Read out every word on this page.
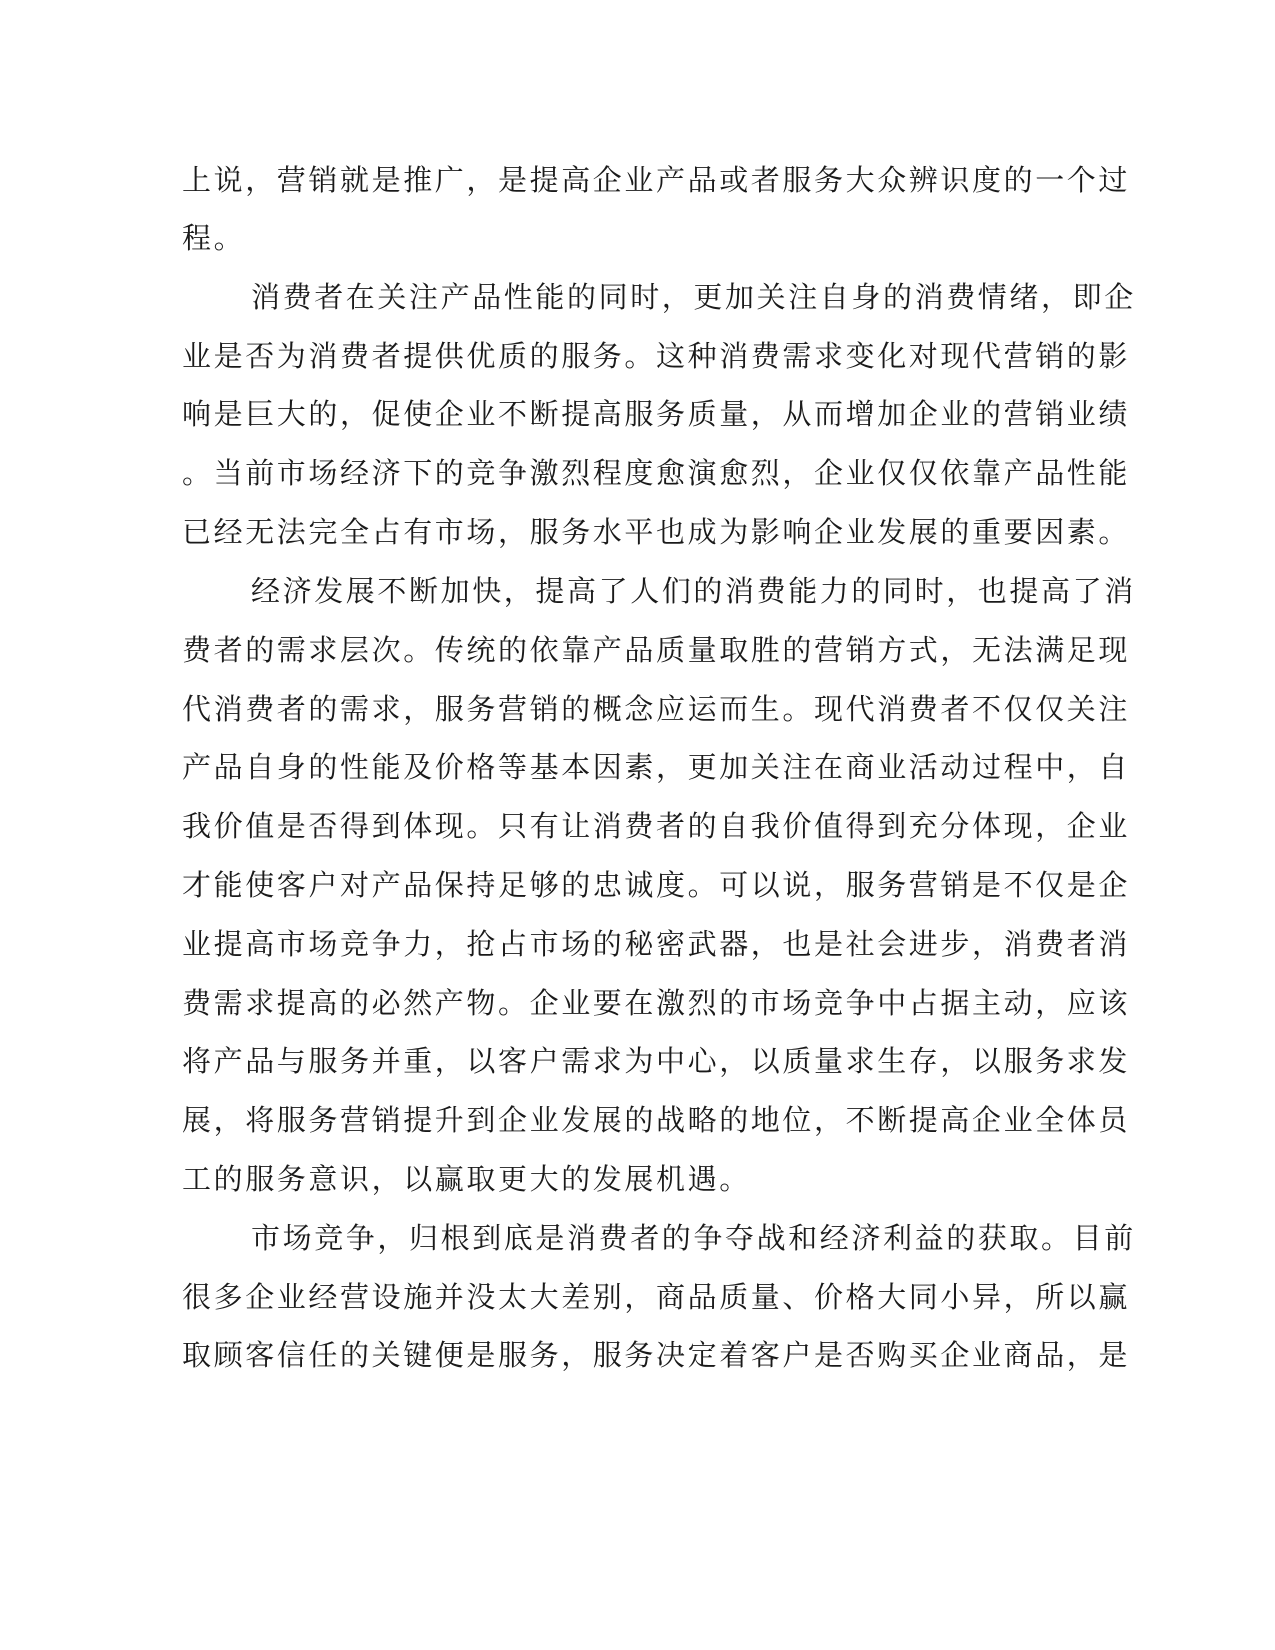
上说，营销就是推广，是提高企业产品或者服务大众辨识度的一个过

程。

消费者在关注产品性能的同时，更加关注自身的消费情绪，即企

业是否为消费者提供优质的服务。这种消费需求变化对现代营销的影

响是巨大的，促使企业不断提高服务质量，从而增加企业的营销业绩

。当前市场经济下的竞争激烈程度愈演愈烈，企业仅仅依靠产品性能

已经无法完全占有市场，服务水平也成为影响企业发展的重要因素。

经济发展不断加快，提高了人们的消费能力的同时，也提高了消

费者的需求层次。传统的依靠产品质量取胜的营销方式，无法满足现

代消费者的需求，服务营销的概念应运而生。现代消费者不仅仅关注

产品自身的性能及价格等基本因素，更加关注在商业活动过程中，自

我价值是否得到体现。只有让消费者的自我价值得到充分体现，企业

才能使客户对产品保持足够的忠诚度。可以说，服务营销是不仅是企

业提高市场竞争力，抢占市场的秘密武器，也是社会进步，消费者消

费需求提高的必然产物。企业要在激烈的市场竞争中占据主动，应该

将产品与服务并重，以客户需求为中心，以质量求生存，以服务求发

展，将服务营销提升到企业发展的战略的地位，不断提高企业全体员

工的服务意识，以赢取更大的发展机遇。

市场竞争，归根到底是消费者的争夺战和经济利益的获取。目前

很多企业经营设施并没太大差别，商品质量、价格大同小异，所以赢

取顾客信任的关键便是服务，服务决定着客户是否购买企业商品，是
